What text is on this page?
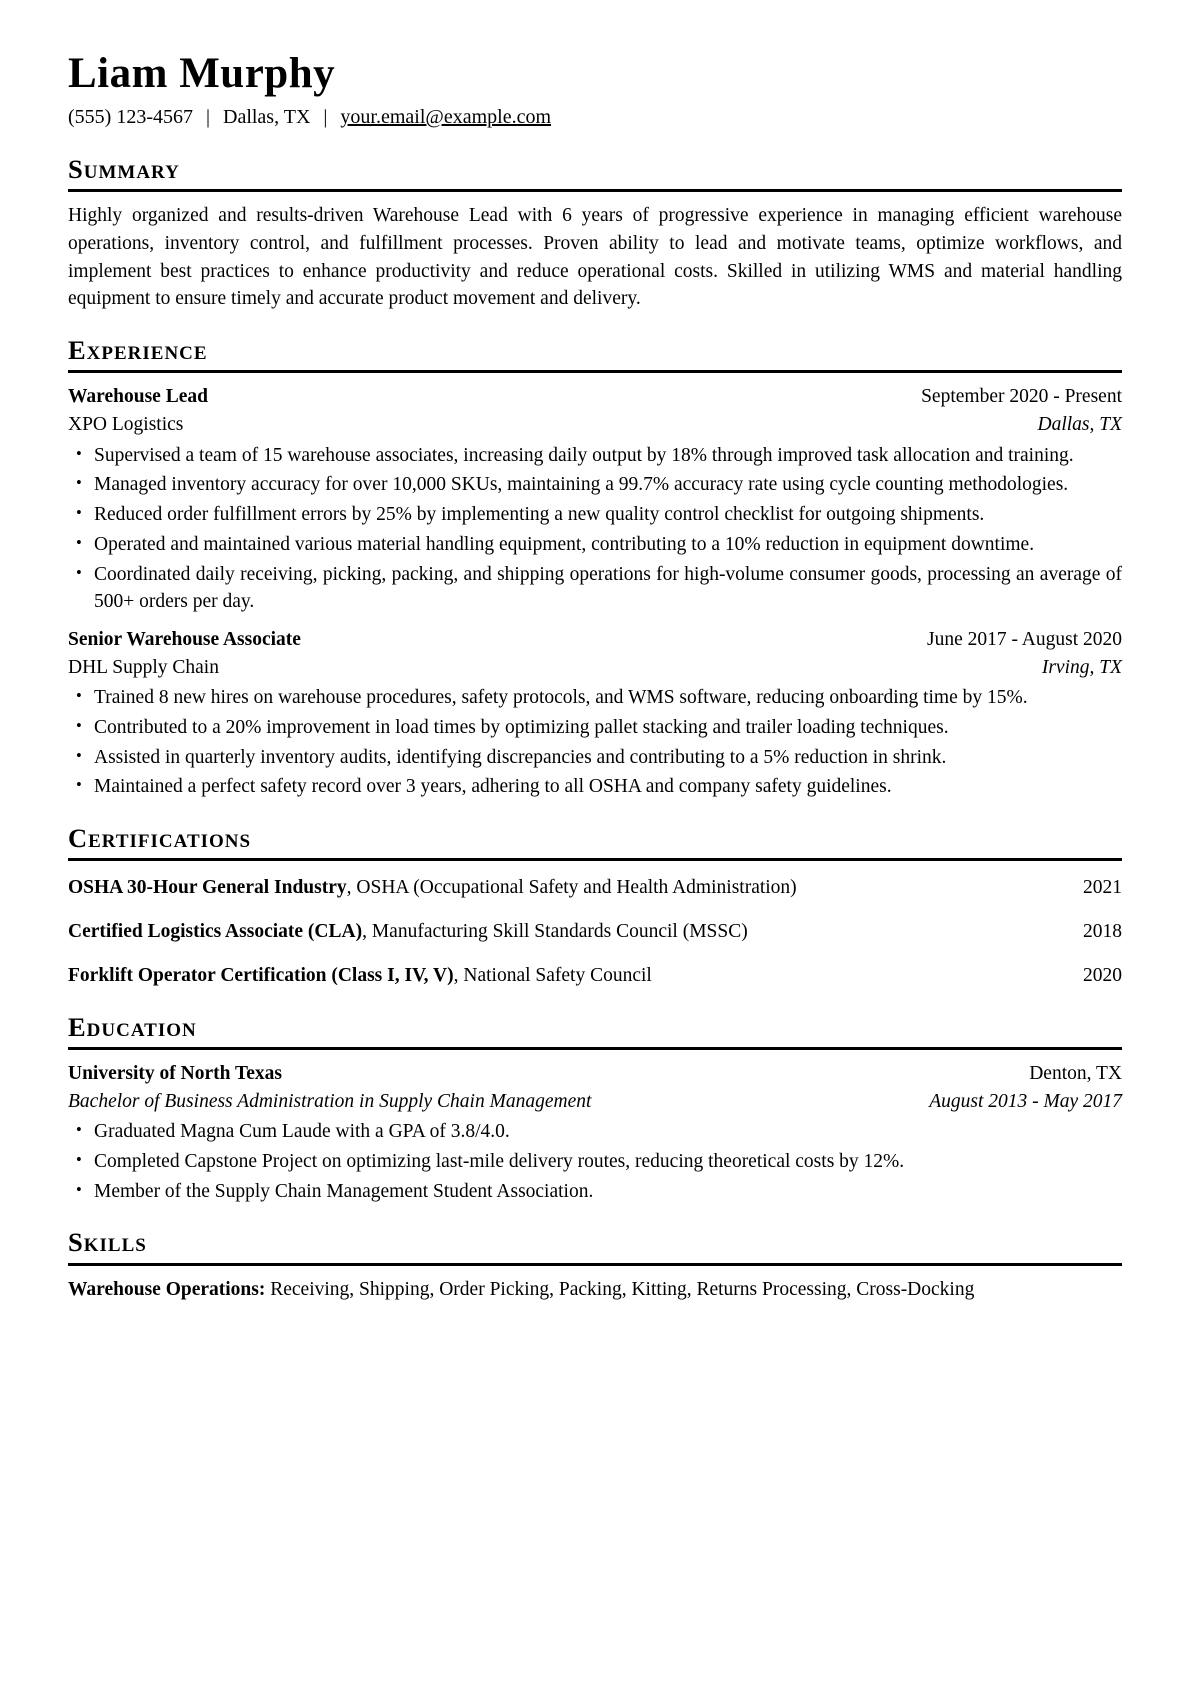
Liam Murphy
(555) 123-4567 | Dallas, TX | your.email@example.com
Summary

Highly organized and results-driven Warehouse Lead with 6 years of progressive experience in managing efficient warehouse operations, inventory control, and fulfillment processes. Proven ability to lead and motivate teams, optimize workflows, and implement best practices to enhance productivity and reduce operational costs. Skilled in utilizing WMS and material handling equipment to ensure timely and accurate product movement and delivery.

Experience
Warehouse Lead	September 2020 - Present
XPO Logistics	Dallas, TX
• Supervised a team of 15 warehouse associates, increasing daily output by 18% through improved task allocation and training.
• Managed inventory accuracy for over 10,000 SKUs, maintaining a 99.7% accuracy rate using cycle counting methodologies.
• Reduced order fulfillment errors by 25% by implementing a new quality control checklist for outgoing shipments.
• Operated and maintained various material handling equipment, contributing to a 10% reduction in equipment downtime.
• Coordinated daily receiving, picking, packing, and shipping operations for high-volume consumer goods, processing an average of 500+ orders per day.
Senior Warehouse Associate	June 2017 - August 2020
DHL Supply Chain	Irving, TX
• Trained 8 new hires on warehouse procedures, safety protocols, and WMS software, reducing onboarding time by 15%.
• Contributed to a 20% improvement in load times by optimizing pallet stacking and trailer loading techniques.
• Assisted in quarterly inventory audits, identifying discrepancies and contributing to a 5% reduction in shrink.
• Maintained a perfect safety record over 3 years, adhering to all OSHA and company safety guidelines.
Certifications
OSHA 30-Hour General Industry, OSHA (Occupational Safety and Health Administration)	2021
Certified Logistics Associate (CLA), Manufacturing Skill Standards Council (MSSC)	2018
Forklift Operator Certification (Class I, IV, V), National Safety Council	2020
Education
University of North Texas	Denton, TX
Bachelor of Business Administration in Supply Chain Management	August 2013 - May 2017
• Graduated Magna Cum Laude with a GPA of 3.8/4.0.
• Completed Capstone Project on optimizing last-mile delivery routes, reducing theoretical costs by 12%.
• Member of the Supply Chain Management Student Association.
Skills

Warehouse Operations: Receiving, Shipping, Order Picking, Packing, Kitting, Returns Processing, Cross-Docking
